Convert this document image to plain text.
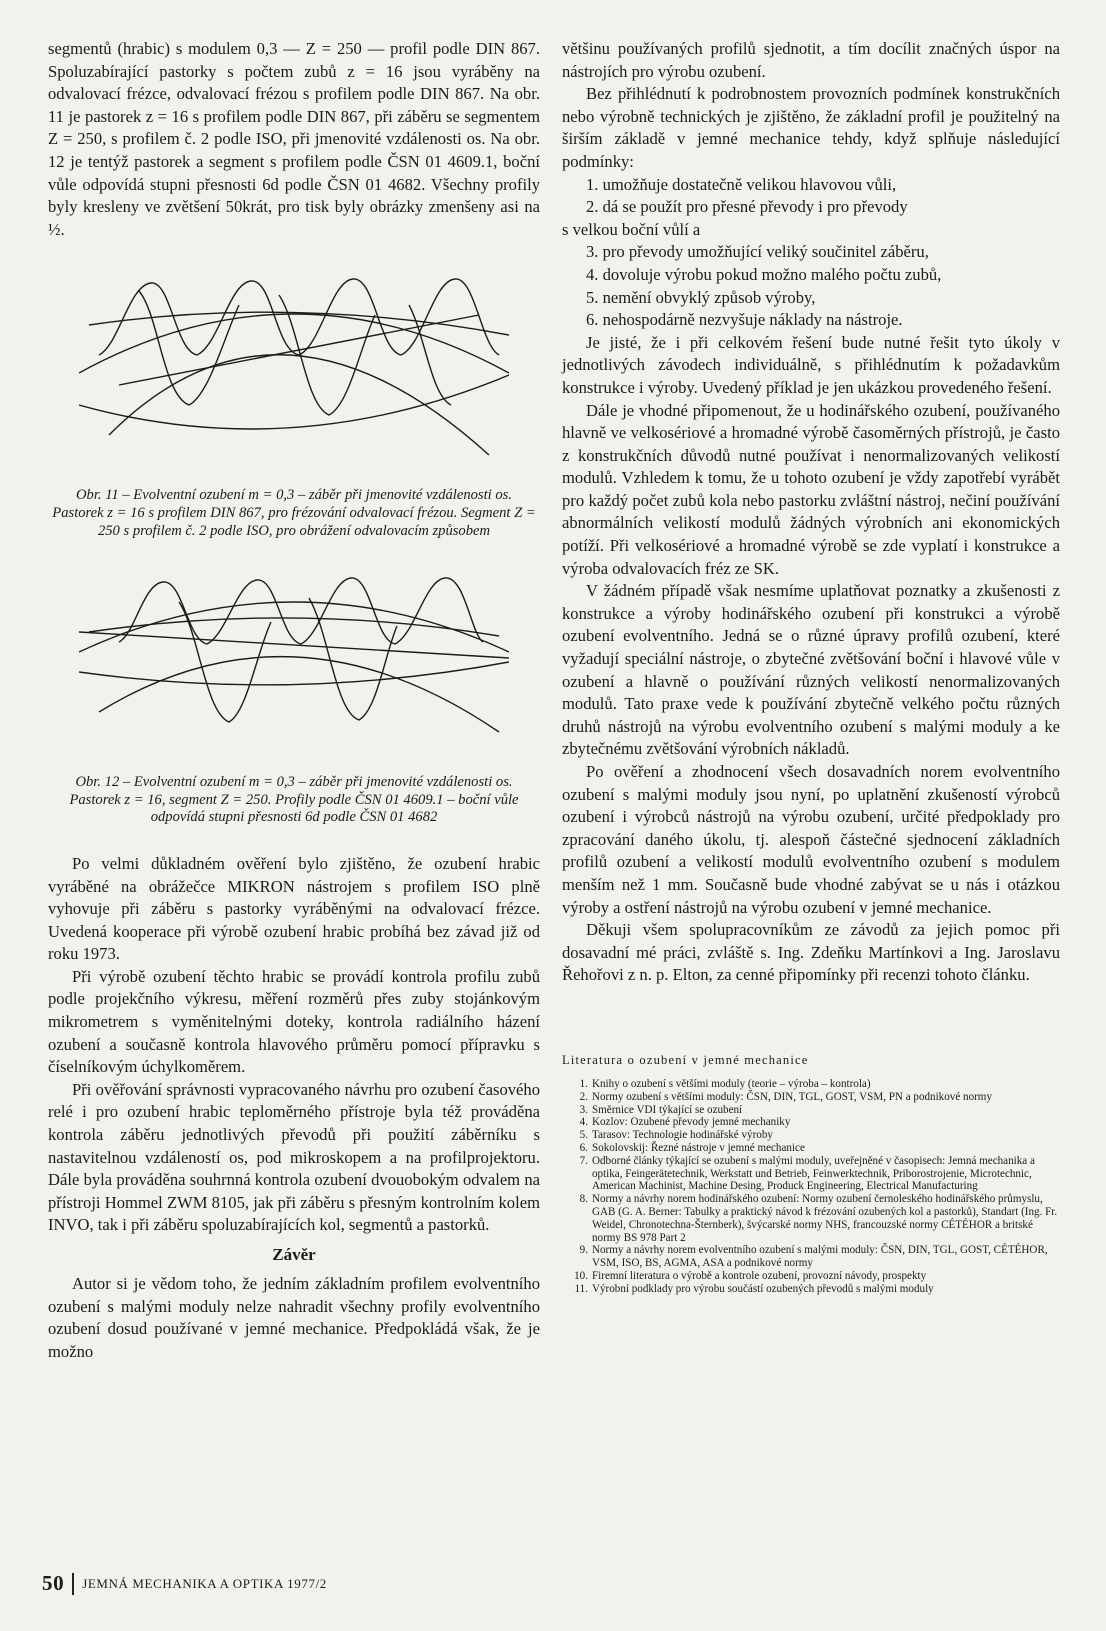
segmentů (hrabic) s modulem 0,3 — Z = 250 — profil podle DIN 867. Spoluzabírající pastorky s počtem zubů z = 16 jsou vyráběny na odvalovací frézce, odvalovací frézou s profilem podle DIN 867. Na obr. 11 je pastorek z = 16 s profilem podle DIN 867, při záběru se segmentem Z = 250, s profilem č. 2 podle ISO, při jmenovité vzdálenosti os. Na obr. 12 je tentýž pastorek a segment s profilem podle ČSN 01 4609.1, boční vůle odpovídá stupni přesnosti 6d podle ČSN 01 4682. Všechny profily byly kresleny ve zvětšení 50krát, pro tisk byly obrázky zmenšeny asi na ½.

Obr. 11 – Evolventní ozubení m = 0,3 – záběr při jmenovité vzdálenosti os. Pastorek z = 16 s profilem DIN 867, pro frézování odvalovací frézou. Segment Z = 250 s profilem č. 2 podle ISO, pro obrážení odvalovacím způsobem

Obr. 12 – Evolventní ozubení m = 0,3 – záběr při jmenovité vzdálenosti os. Pastorek z = 16, segment Z = 250. Profily podle ČSN 01 4609.1 – boční vůle odpovídá stupni přesnosti 6d podle ČSN 01 4682

Po velmi důkladném ověření bylo zjištěno, že ozubení hrabic vyráběné na obrážečce MIKRON nástrojem s profilem ISO plně vyhovuje při záběru s pastorky vyráběnými na odvalovací frézce. Uvedená kooperace při výrobě ozubení hrabic probíhá bez závad již od roku 1973.

Při výrobě ozubení těchto hrabic se provádí kontrola profilu zubů podle projekčního výkresu, měření rozměrů přes zuby stojánkovým mikrometrem s vyměnitelnými doteky, kontrola radiálního házení ozubení a současně kontrola hlavového průměru pomocí přípravku s číselníkovým úchylkoměrem.

Při ověřování správnosti vypracovaného návrhu pro ozubení časového relé i pro ozubení hrabic teploměrného přístroje byla též prováděna kontrola záběru jednotlivých převodů při použití záběrníku s nastavitelnou vzdáleností os, pod mikroskopem a na profilprojektoru. Dále byla prováděna souhrnná kontrola ozubení dvouobokým odvalem na přístroji Hommel ZWM 8105, jak při záběru s přesným kontrolním kolem INVO, tak i při záběru spoluzabírajících kol, segmentů a pastorků.

Závěr

Autor si je vědom toho, že jedním základním profilem evolventního ozubení s malými moduly nelze nahradit všechny profily evolventního ozubení dosud používané v jemné mechanice. Předpokládá však, že je možno

většinu používaných profilů sjednotit, a tím docílit značných úspor na nástrojích pro výrobu ozubení.

Bez přihlédnutí k podrobnostem provozních podmínek konstrukčních nebo výrobně technických je zjištěno, že základní profil je použitelný na širším základě v jemné mechanice tehdy, když splňuje následující podmínky:

1. umožňuje dostatečně velikou hlavovou vůli,
2. dá se použít pro přesné převody i pro převody
s velkou boční vůlí a
3. pro převody umožňující veliký součinitel záběru,
4. dovoluje výrobu pokud možno malého počtu zubů,
5. nemění obvyklý způsob výroby,
6. nehospodárně nezvyšuje náklady na nástroje.

Je jisté, že i při celkovém řešení bude nutné řešit tyto úkoly v jednotlivých závodech individuálně, s přihlédnutím k požadavkům konstrukce i výroby. Uvedený příklad je jen ukázkou provedeného řešení.

Dále je vhodné připomenout, že u hodinářského ozubení, používaného hlavně ve velkosériové a hromadné výrobě časoměrných přístrojů, je často z konstrukčních důvodů nutné používat i nenormalizovaných velikostí modulů. Vzhledem k tomu, že u tohoto ozubení je vždy zapotřebí vyrábět pro každý počet zubů kola nebo pastorku zvláštní nástroj, nečiní používání abnormálních velikostí modulů žádných výrobních ani ekonomických potíží. Při velkosériové a hromadné výrobě se zde vyplatí i konstrukce a výroba odvalovacích fréz ze SK.

V žádném případě však nesmíme uplatňovat poznatky a zkušenosti z konstrukce a výroby hodinářského ozubení při konstrukci a výrobě ozubení evolventního. Jedná se o různé úpravy profilů ozubení, které vyžadují speciální nástroje, o zbytečné zvětšování boční i hlavové vůle v ozubení a hlavně o používání různých velikostí nenormalizovaných modulů. Tato praxe vede k používání zbytečně velkého počtu různých druhů nástrojů na výrobu evolventního ozubení s malými moduly a ke zbytečnému zvětšování výrobních nákladů.

Po ověření a zhodnocení všech dosavadních norem evolventního ozubení s malými moduly jsou nyní, po uplatnění zkušeností výrobců ozubení i výrobců nástrojů na výrobu ozubení, určité předpoklady pro zpracování daného úkolu, tj. alespoň částečné sjednocení základních profilů ozubení a velikostí modulů evolventního ozubení s modulem menším než 1 mm. Současně bude vhodné zabývat se u nás i otázkou výroby a ostření nástrojů na výrobu ozubení v jemné mechanice.

Děkuji všem spolupracovníkům ze závodů za jejich pomoc při dosavadní mé práci, zvláště s. Ing. Zdeňku Martínkovi a Ing. Jaroslavu Řehořovi z n. p. Elton, za cenné připomínky při recenzi tohoto článku.

Literatura o ozubení v jemné mechanice
1. Knihy o ozubení s většími moduly (teorie – výroba – kontrola)
2. Normy ozubení s většími moduly: ČSN, DIN, TGL, GOST, VSM, PN a podnikové normy
3. Směrnice VDI týkající se ozubení
4. Kozlov: Ozubené převody jemné mechaniky
5. Tarasov: Technologie hodinářské výroby
6. Sokolovskij: Řezné nástroje v jemné mechanice
7. Odborné články týkající se ozubení s malými moduly, uveřejněné v časopisech: Jemná mechanika a optika, Feingerätetechnik, Werkstatt und Betrieb, Feinwerktechnik, Priborostrojenie, Microtechnic, American Machinist, Machine Desing, Produck Engineering, Electrical Manufacturing
8. Normy a návrhy norem hodinářského ozubení: Normy ozubení černoleského hodinářského průmyslu, GAB (G. A. Berner: Tabulky a praktický návod k frézování ozubených kol a pastorků), Standart (Ing. Fr. Weidel, Chronotechna-Šternberk), švýcarské normy NHS, francouzské normy CÉTÉHOR a britské normy BS 978 Part 2
9. Normy a návrhy norem evolventního ozubení s malými moduly: ČSN, DIN, TGL, GOST, CÉTÉHOR, VSM, ISO, BS, AGMA, ASA a podnikové normy
10. Firemní literatura o výrobě a kontrole ozubení, provozní návody, prospekty
11. Výrobní podklady pro výrobu součástí ozubených převodů s malými moduly
50 JEMNÁ MECHANIKA A OPTIKA 1977/2
